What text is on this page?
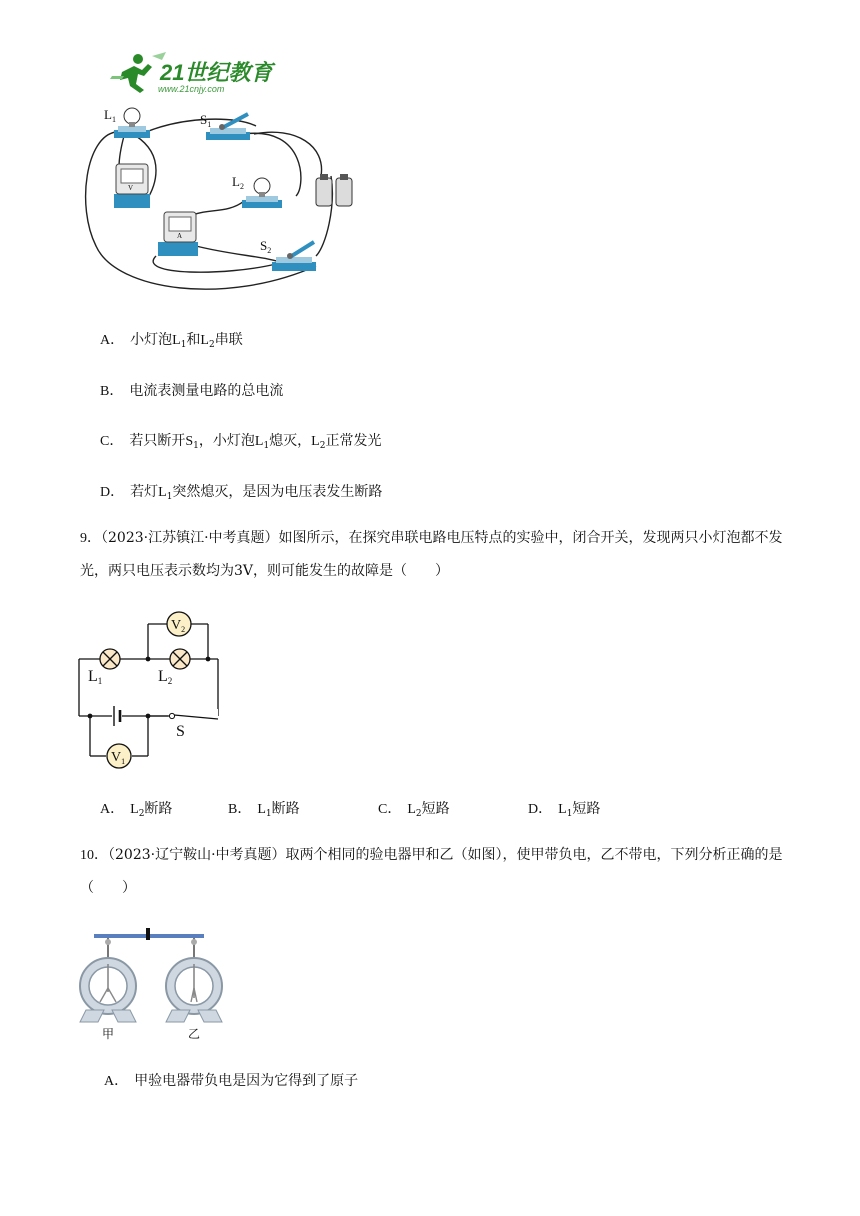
21世纪教育
www.21cnjy.com
$L_1$	$S_1$
V	$L_2$
A
$S_2$
A． 小灯泡$L_1$和$L_2$串联
B． 电流表测量电路的总电流
C． 若只断开$S_1$，小灯泡$L_1$熄灭，$L_2$正常发光
D． 若灯$L_1$突然熄灭，是因为电压表发生断路
9．（2023·江苏镇江·中考真题）如图所示，在探究串联电路电压特点的实验中，闭合开关，发现两只小灯泡都不发光，两只电压表示数均为3V，则可能发生的故障是（　　）
$V_2$
$V_1$
L1	L2
S
A． $L_2$断路	B． $L_1$断路	C． $L_2$短路	D． $L_1$短路
10．（2023·辽宁鞍山·中考真题）取两个相同的验电器甲和乙（如图），使甲带负电，乙不带电，下列分析正确的是（　　）
甲	乙
A． 甲验电器带负电是因为它得到了原子
